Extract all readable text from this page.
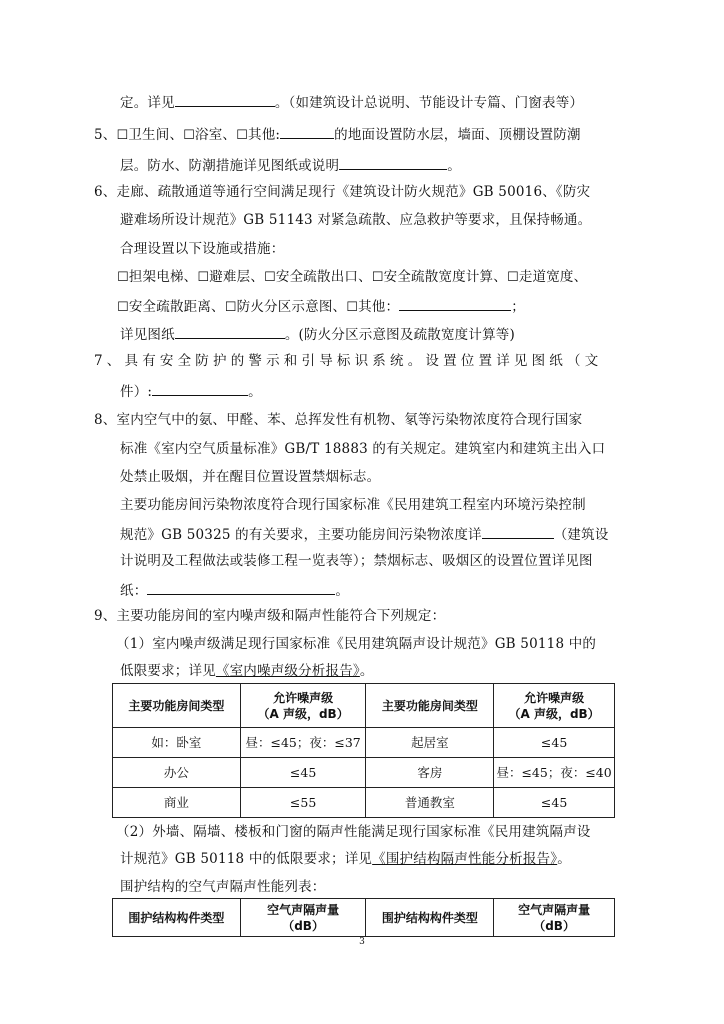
定。详见	。（如建筑设计总说明、节能设计专篇、门窗表等）
5、☐卫生间、☐浴室、☐其他:	的地面设置防水层，墙面、顶棚设置防潮
层。防水、防潮措施详见图纸或说明	。
6、走廊、疏散通道等通行空间满足现行《建筑设计防火规范》GB 50016、《防灾
避难场所设计规范》GB 51143 对紧急疏散、应急救护等要求，且保持畅通。
合理设置以下设施或措施：
☐担架电梯、☐避难层、☐安全疏散出口、☐安全疏散宽度计算、☐走道宽度、
☐安全疏散距离、☐防火分区示意图、☐其他：	；
详见图纸	。(防火分区示意图及疏散宽度计算等)
7、具有安全防护的警示和引导标识系统。设置位置详见图纸（文
件）:	。
8、室内空气中的氨、甲醛、苯、总挥发性有机物、氡等污染物浓度符合现行国家
标准《室内空气质量标准》GB/T 18883 的有关规定。建筑室内和建筑主出入口
处禁止吸烟，并在醒目位置设置禁烟标志。
主要功能房间污染物浓度符合现行国家标准《民用建筑工程室内环境污染控制
规范》GB 50325 的有关要求，主要功能房间污染物浓度详	（建筑设
计说明及工程做法或装修工程一览表等）；禁烟标志、吸烟区的设置位置详见图
纸：	。
9、主要功能房间的室内噪声级和隔声性能符合下列规定：
（1）室内噪声级满足现行国家标准《民用建筑隔声设计规范》GB 50118 中的
低限要求；详见《室内噪声级分析报告》。
主要功能房间类型	允许噪声级
（A 声级，dB）	主要功能房间类型	允许噪声级
（A 声级，dB）
如：卧室	昼：≤45；夜：≤37	起居室	≤45
办公	≤45	客房	昼：≤45；夜：≤40
商业	≤55	普通教室	≤45
（2）外墙、隔墙、楼板和门窗的隔声性能满足现行国家标准《民用建筑隔声设
计规范》GB 50118 中的低限要求；详见《围护结构隔声性能分析报告》。
围护结构的空气声隔声性能列表：
围护结构构件类型	空气声隔声量
（dB）	围护结构构件类型	空气声隔声量
（dB）
3
